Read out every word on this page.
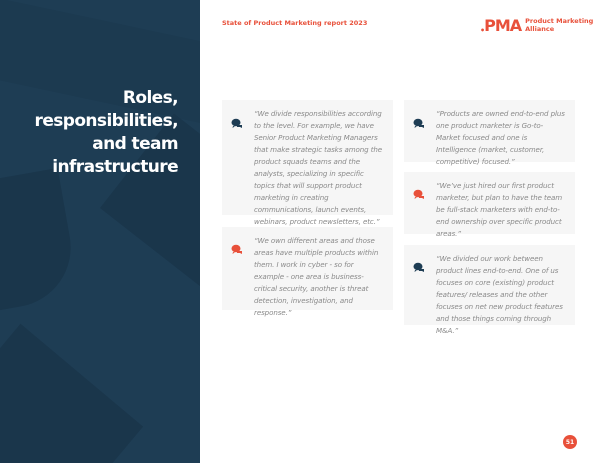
Roles,
responsibilities,
and team
infrastructure
State of Product Marketing report 2023
•PMA Product Marketing
Alliance

“We divide responsibilities according to the level. For example, we have Senior Product Marketing Managers that make strategic tasks among the product squads teams and the analysts, specializing in specific topics that will support product marketing in creating communications, launch events, webinars, product newsletters, etc.”

“We own different areas and those areas have multiple products within them. I work in cyber - so for example - one area is business-critical security, another is threat detection, investigation, and response.”

“Products are owned end-to-end plus one product marketer is Go-to-Market focused and one is Intelligence (market, customer, competitive) focused.”

“We’ve just hired our first product marketer, but plan to have the team be full-stack marketers with end-to-end ownership over specific product areas.”

“We divided our work between product lines end-to-end. One of us focuses on core (existing) product features/ releases and the other focuses on net new product features and those things coming through M&A.”

51
